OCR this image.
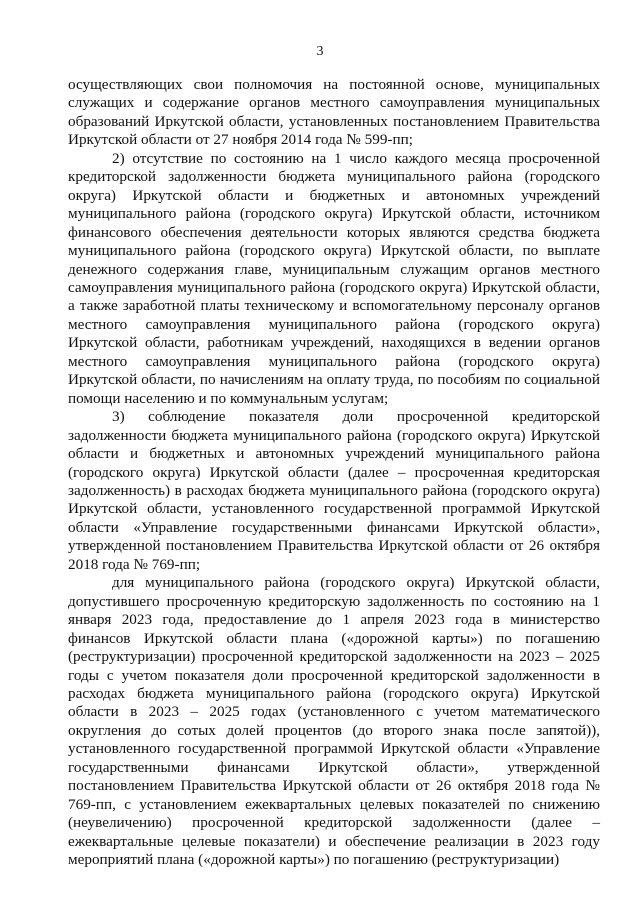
3

осуществляющих свои полномочия на постоянной основе, муниципальных служащих и содержание органов местного самоуправления муниципальных образований Иркутской области, установленных постановлением Правительства Иркутской области от 27 ноября 2014 года № 599-пп;

2) отсутствие по состоянию на 1 число каждого месяца просроченной кредиторской задолженности бюджета муниципального района (городского округа) Иркутской области и бюджетных и автономных учреждений муниципального района (городского округа) Иркутской области, источником финансового обеспечения деятельности которых являются средства бюджета муниципального района (городского округа) Иркутской области, по выплате денежного содержания главе, муниципальным служащим органов местного самоуправления муниципального района (городского округа) Иркутской области, а также заработной платы техническому и вспомогательному персоналу органов местного самоуправления муниципального района (городского округа) Иркутской области, работникам учреждений, находящихся в ведении органов местного самоуправления муниципального района (городского округа) Иркутской области, по начислениям на оплату труда, по пособиям по социальной помощи населению и по коммунальным услугам;

3) соблюдение показателя доли просроченной кредиторской задолженности бюджета муниципального района (городского округа) Иркутской области и бюджетных и автономных учреждений муниципального района (городского округа) Иркутской области (далее – просроченная кредиторская задолженность) в расходах бюджета муниципального района (городского округа) Иркутской области, установленного государственной программой Иркутской области «Управление государственными финансами Иркутской области», утвержденной постановлением Правительства Иркутской области от 26 октября 2018 года № 769-пп;

для муниципального района (городского округа) Иркутской области, допустившего просроченную кредиторскую задолженность по состоянию на 1 января 2023 года, предоставление до 1 апреля 2023 года в министерство финансов Иркутской области плана («дорожной карты») по погашению (реструктуризации) просроченной кредиторской задолженности на 2023 – 2025 годы с учетом показателя доли просроченной кредиторской задолженности в расходах бюджета муниципального района (городского округа) Иркутской области в 2023 – 2025 годах (установленного с учетом математического округления до сотых долей процентов (до второго знака после запятой)), установленного государственной программой Иркутской области «Управление государственными финансами Иркутской области», утвержденной постановлением Правительства Иркутской области от 26 октября 2018 года № 769-пп, с установлением ежеквартальных целевых показателей по снижению (неувеличению) просроченной кредиторской задолженности (далее – ежеквартальные целевые показатели) и обеспечение реализации в 2023 году мероприятий плана («дорожной карты») по погашению (реструктуризации)
